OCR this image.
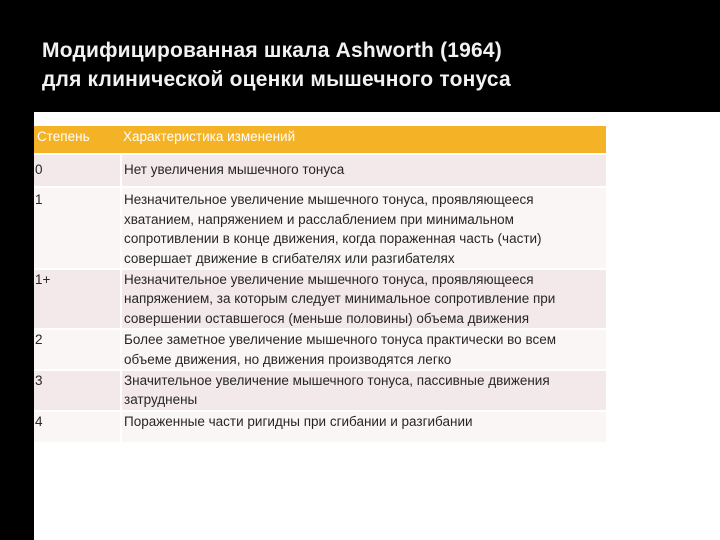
Модифицированная шкала Ashworth (1964)
для клинической оценки мышечного тонуса
Степень	Характеристика изменений
0	Нет увеличения мышечного тонуса
1	Незначительное увеличение мышечного тонуса, проявляющееся хватанием, напряжением и расслаблением при минимальном сопротивлении в конце движения, когда пораженная часть (части) совершает движение в сгибателях или разгибателях
1+	Незначительное увеличение мышечного тонуса, проявляющееся напряжением, за которым следует минимальное сопротивление при совершении оставшегося (меньше половины) объема движения
2	Более заметное увеличение мышечного тонуса практически во всем объеме движения, но движения производятся легко
3	Значительное увеличение мышечного тонуса, пассивные движения затруднены
4	Пораженные части ригидны при сгибании и разгибании
